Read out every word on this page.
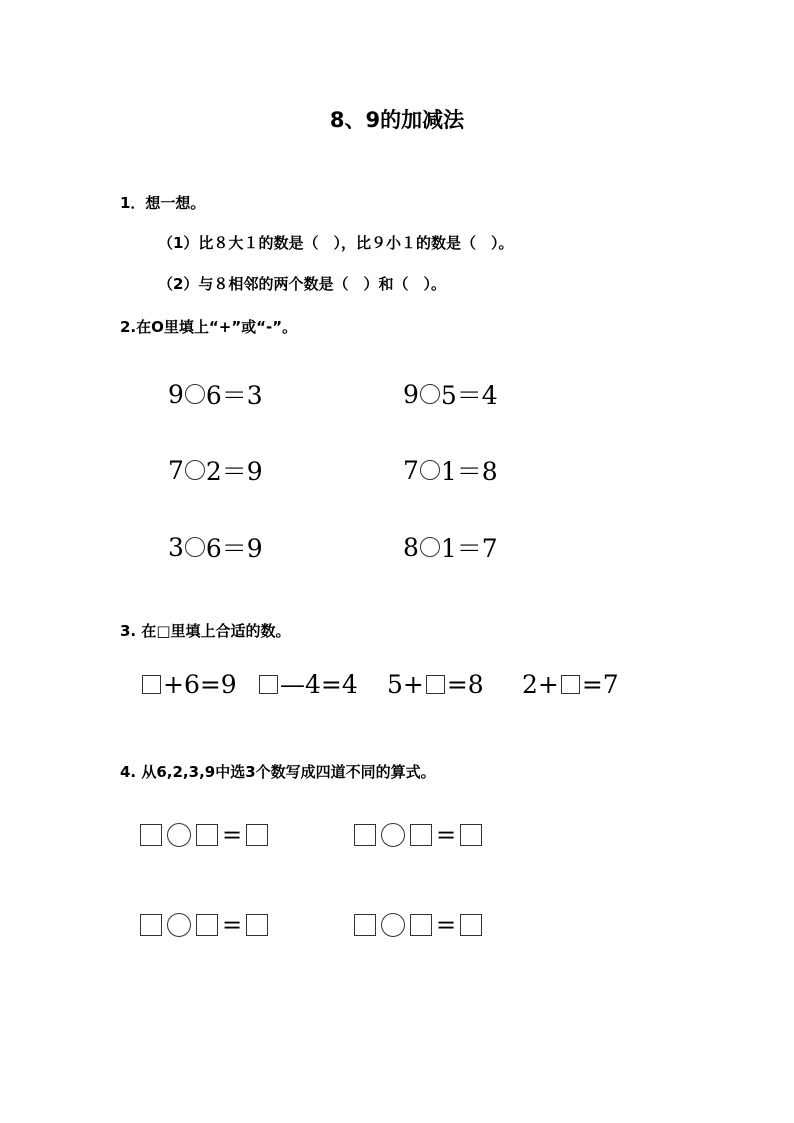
8、9的加减法
1．想一想。
（1）比８大１的数是（　），比９小１的数是（　）。
（2）与８相邻的两个数是（　）和（　）。
2.在O里填上“+”或“-”。
9 6＝3	9 5＝4
7 2＝9	7 1＝8
3 6＝9	8 1＝7
3. 在□里填上合适的数。
+6=9 —4=4 5+ =8 2+ =7
4. 从6,2,3,9中选3个数写成四道不同的算式。
=	=
=	=
